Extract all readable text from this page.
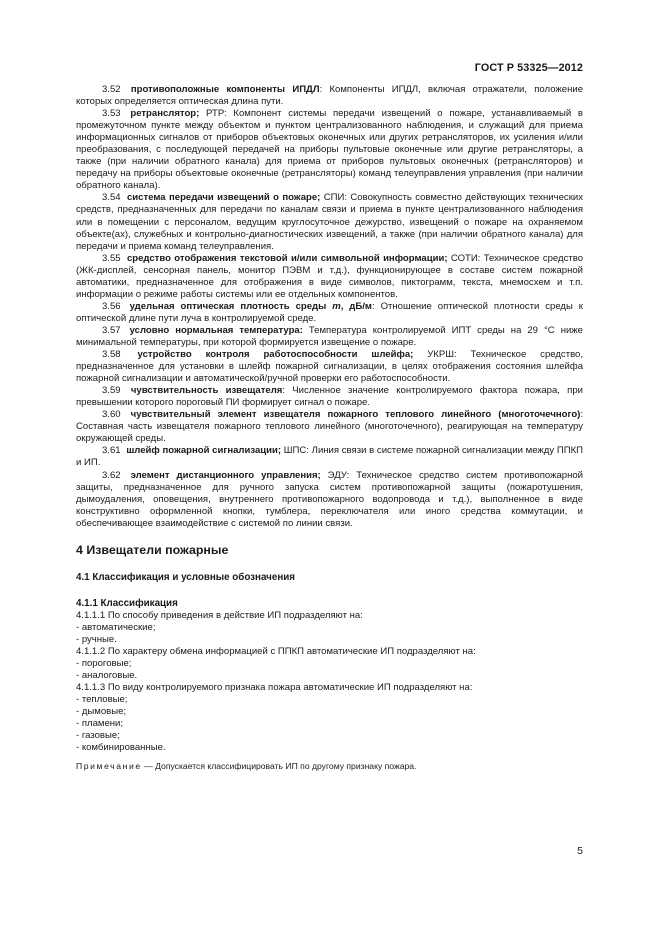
ГОСТ Р 53325—2012

3.52 противоположные компоненты ИПДЛ: Компоненты ИПДЛ, включая отражатели, положение которых определяется оптическая длина пути.

3.53 ретранслятор; РТР: Компонент системы передачи извещений о пожаре, устанавливаемый в промежуточном пункте между объектом и пунктом централизованного наблюдения, и служащий для приема информационных сигналов от приборов объектовых оконечных или других ретрансляторов, их усиления и/или преобразования, с последующей передачей на приборы пультовые оконечные или другие ретрансляторы, а также (при наличии обратного канала) для приема от приборов пультовых оконечных (ретрансляторов) и передачу на приборы объектовые оконечные (ретрансляторы) команд телеуправления управления (при наличии обратного канала).

3.54 система передачи извещений о пожаре; СПИ: Совокупность совместно действующих технических средств, предназначенных для передачи по каналам связи и приема в пункте централизованного наблюдения или в помещении с персоналом, ведущим круглосуточное дежурство, извещений о пожаре на охраняемом объекте(ах), служебных и контрольно-диагностических извещений, а также (при наличии обратного канала) для передачи и приема команд телеуправления.

3.55 средство отображения текстовой и/или символьной информации; СОТИ: Техническое средство (ЖК-дисплей, сенсорная панель, монитор ПЭВМ и т.д.), функционирующее в составе систем пожарной автоматики, предназначенное для отображения в виде символов, пиктограмм, текста, мнемосхем и т.п. информации о режиме работы системы или ее отдельных компонентов.

3.56 удельная оптическая плотность среды m, дБ/м: Отношение оптической плотности среды к оптической длине пути луча в контролируемой среде.

3.57 условно нормальная температура: Температура контролируемой ИПТ среды на 29 °С ниже минимальной температуры, при которой формируется извещение о пожаре.

3.58 устройство контроля работоспособности шлейфа; УКРШ: Техническое средство, предназначенное для установки в шлейф пожарной сигнализации, в целях отображения состояния шлейфа пожарной сигнализации и автоматической/ручной проверки его работоспособности.

3.59 чувствительность извещателя: Численное значение контролируемого фактора пожара, при превышении которого пороговый ПИ формирует сигнал о пожаре.

3.60 чувствительный элемент извещателя пожарного теплового линейного (многоточечного): Составная часть извещателя пожарного теплового линейного (многоточечного), реагирующая на температуру окружающей среды.

3.61 шлейф пожарной сигнализации; ШПС: Линия связи в системе пожарной сигнализации между ППКП и ИП.

3.62 элемент дистанционного управления; ЭДУ: Техническое средство систем противопожарной защиты, предназначенное для ручного запуска систем противопожарной защиты (пожаротушения, дымоудаления, оповещения, внутреннего противопожарного водопровода и т.д.), выполненное в виде конструктивно оформленной кнопки, тумблера, переключателя или иного средства коммутации, и обеспечивающее взаимодействие с системой по линии связи.

4 Извещатели пожарные
4.1 Классификация и условные обозначения
4.1.1 Классификация

4.1.1.1 По способу приведения в действие ИП подразделяют на:

- автоматические;

- ручные.

4.1.1.2 По характеру обмена информацией с ППКП автоматические ИП подразделяют на:

- пороговые;

- аналоговые.

4.1.1.3 По виду контролируемого признака пожара автоматические ИП подразделяют на:

- тепловые;

- дымовые;

- пламени;

- газовые;

- комбинированные.

Примечание — Допускается классифицировать ИП по другому признаку пожара.

5
